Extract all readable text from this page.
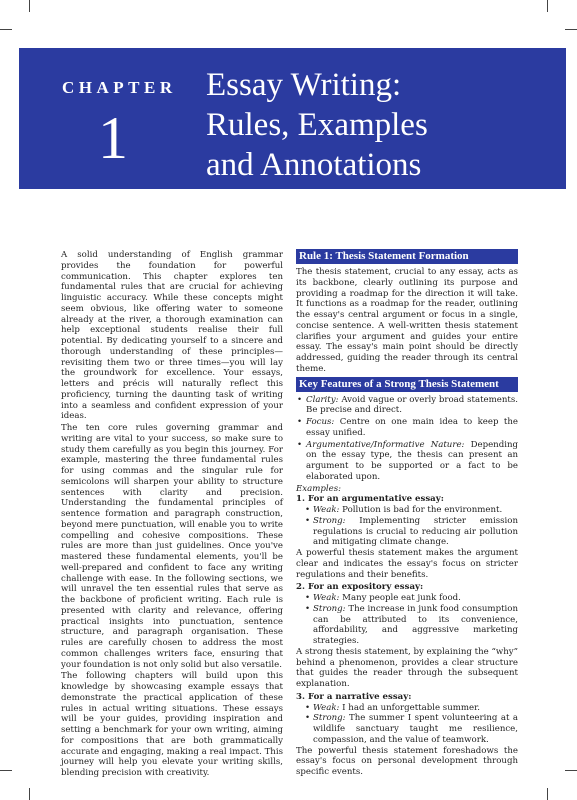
CHAPTER
1
Essay Writing:
Rules, Examples
and Annotations

A solid understanding of English grammar provides the foundation for powerful communication. This chapter explores ten fundamental rules that are crucial for achieving linguistic accuracy. While these concepts might seem obvious, like offering water to someone already at the river, a thorough examination can help exceptional students realise their full potential. By dedicating yourself to a sincere and thorough understanding of these principles—revisiting them two or three times—you will lay the groundwork for excellence. Your essays, letters and précis will naturally reflect this proficiency, turning the daunting task of writing into a seamless and confident expression of your ideas.

The ten core rules governing grammar and writing are vital to your success, so make sure to study them carefully as you begin this journey. For example, mastering the three fundamental rules for using commas and the singular rule for semicolons will sharpen your ability to structure sentences with clarity and precision. Understanding the fundamental principles of sentence formation and paragraph construction, beyond mere punctuation, will enable you to write compelling and cohesive compositions. These rules are more than just guidelines. Once you've mastered these fundamental elements, you'll be well-prepared and confident to face any writing challenge with ease. In the following sections, we will unravel the ten essential rules that serve as the backbone of proficient writing. Each rule is presented with clarity and relevance, offering practical insights into punctuation, sentence structure, and paragraph organisation. These rules are carefully chosen to address the most common challenges writers face, ensuring that your foundation is not only solid but also versatile.

The following chapters will build upon this knowledge by showcasing example essays that demonstrate the practical application of these rules in actual writing situations. These essays will be your guides, providing inspiration and setting a benchmark for your own writing, aiming for compositions that are both grammatically accurate and engaging, making a real impact. This journey will help you elevate your writing skills, blending precision with creativity.

Rule 1: Thesis Statement Formation

The thesis statement, crucial to any essay, acts as its backbone, clearly outlining its purpose and providing a roadmap for the direction it will take. It functions as a roadmap for the reader, outlining the essay's central argument or focus in a single, concise sentence. A well-written thesis statement clarifies your argument and guides your entire essay. The essay's main point should be directly addressed, guiding the reader through its central theme.

Key Features of a Strong Thesis Statement
• Clarity: Avoid vague or overly broad statements. Be precise and direct.
• Focus: Centre on one main idea to keep the essay unified.
• Argumentative/Informative Nature: Depending on the essay type, the thesis can present an argument to be supported or a fact to be elaborated upon.
Examples:
1. For an argumentative essay:
• Weak: Pollution is bad for the environment.
• Strong: Implementing stricter emission regulations is crucial to reducing air pollution and mitigating climate change.

A powerful thesis statement makes the argument clear and indicates the essay's focus on stricter regulations and their benefits.

2. For an expository essay:
• Weak: Many people eat junk food.
• Strong: The increase in junk food consumption can be attributed to its convenience, affordability, and aggressive marketing strategies.

A strong thesis statement, by explaining the “why” behind a phenomenon, provides a clear structure that guides the reader through the subsequent explanation.

3. For a narrative essay:
• Weak: I had an unforgettable summer.
• Strong: The summer I spent volunteering at a wildlife sanctuary taught me resilience, compassion, and the value of teamwork.

The powerful thesis statement foreshadows the essay's focus on personal development through specific events.
